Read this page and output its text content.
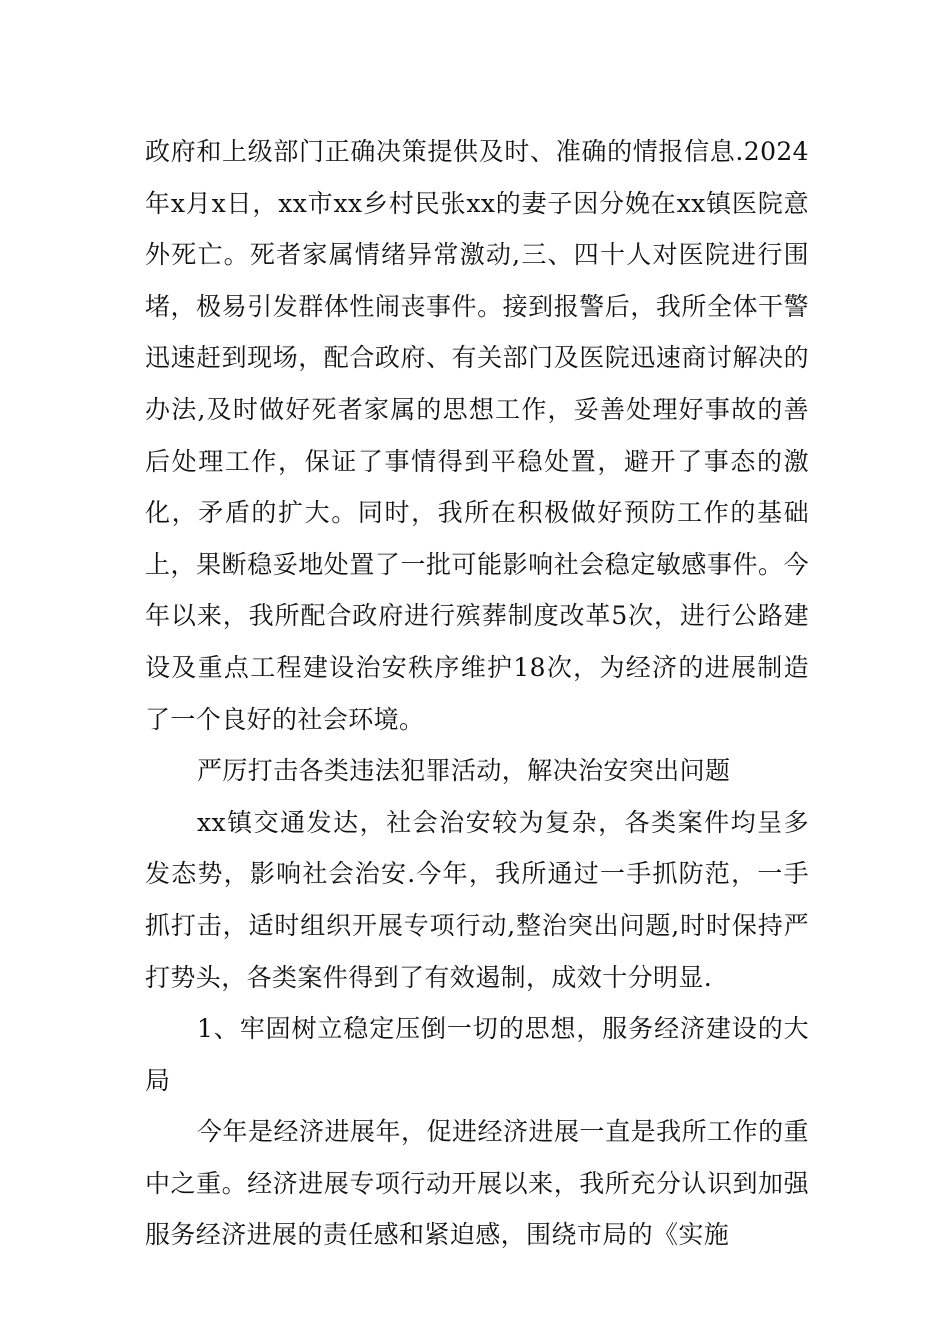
政府和上级部门正确决策提供及时、准确的情报信息.2024年x月x日，xx市xx乡村民张xx的妻子因分娩在xx镇医院意外死亡。死者家属情绪异常激动,三、四十人对医院进行围堵，极易引发群体性闹丧事件。接到报警后，我所全体干警迅速赶到现场，配合政府、有关部门及医院迅速商讨解决的办法,及时做好死者家属的思想工作，妥善处理好事故的善后处理工作，保证了事情得到平稳处置，避开了事态的激化，矛盾的扩大。同时，我所在积极做好预防工作的基础上，果断稳妥地处置了一批可能影响社会稳定敏感事件。今年以来，我所配合政府进行殡葬制度改革5次，进行公路建设及重点工程建设治安秩序维护18次，为经济的进展制造了一个良好的社会环境。

严厉打击各类违法犯罪活动，解决治安突出问题

xx镇交通发达，社会治安较为复杂，各类案件均呈多发态势，影响社会治安.今年，我所通过一手抓防范，一手抓打击，适时组织开展专项行动,整治突出问题,时时保持严打势头，各类案件得到了有效遏制，成效十分明显.

1、牢固树立稳定压倒一切的思想，服务经济建设的大局

今年是经济进展年，促进经济进展一直是我所工作的重中之重。经济进展专项行动开展以来，我所充分认识到加强服务经济进展的责任感和紧迫感，围绕市局的《实施
